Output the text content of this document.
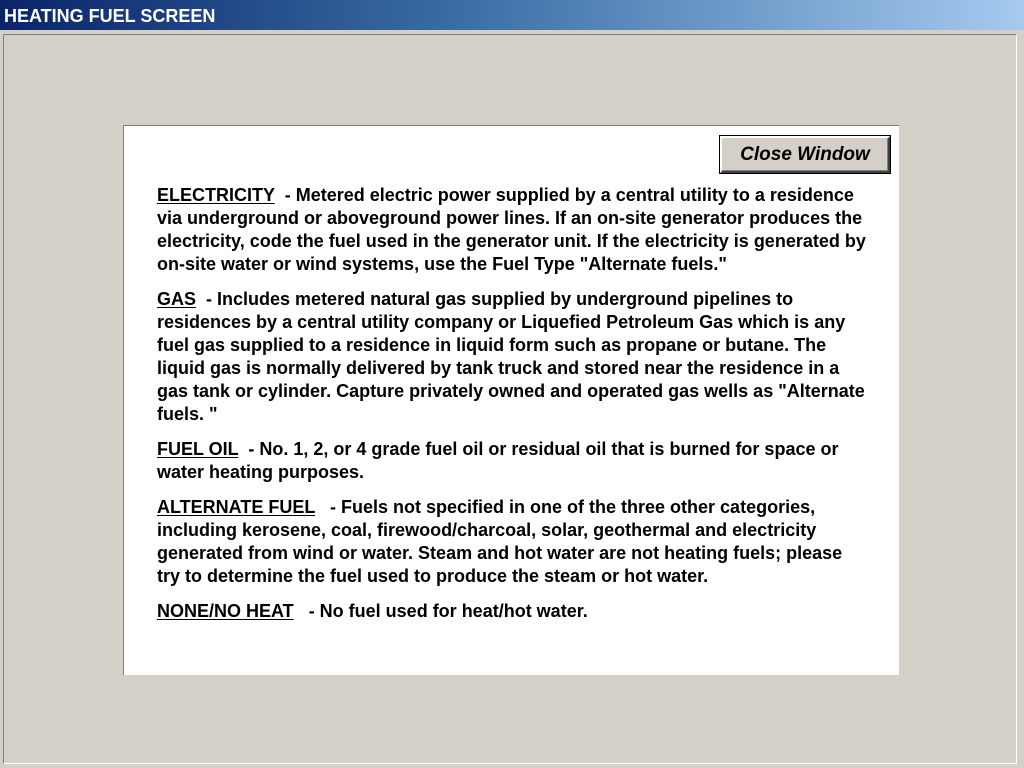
HEATING FUEL SCREEN
Close Window
ELECTRICITY - Metered electric power supplied by a central utility to a residence via underground or aboveground power lines. If an on-site generator produces the electricity, code the fuel used in the generator unit. If the electricity is generated by on-site water or wind systems, use the Fuel Type "Alternate fuels."
GAS - Includes metered natural gas supplied by underground pipelines to residences by a central utility company or Liquefied Petroleum Gas which is any fuel gas supplied to a residence in liquid form such as propane or butane. The liquid gas is normally delivered by tank truck and stored near the residence in a gas tank or cylinder. Capture privately owned and operated gas wells as "Alternate fuels. "
FUEL OIL - No. 1, 2, or 4 grade fuel oil or residual oil that is burned for space or water heating purposes.
ALTERNATE FUEL - Fuels not specified in one of the three other categories, including kerosene, coal, firewood/charcoal, solar, geothermal and electricity generated from wind or water. Steam and hot water are not heating fuels; please try to determine the fuel used to produce the steam or hot water.
NONE/NO HEAT - No fuel used for heat/hot water.
